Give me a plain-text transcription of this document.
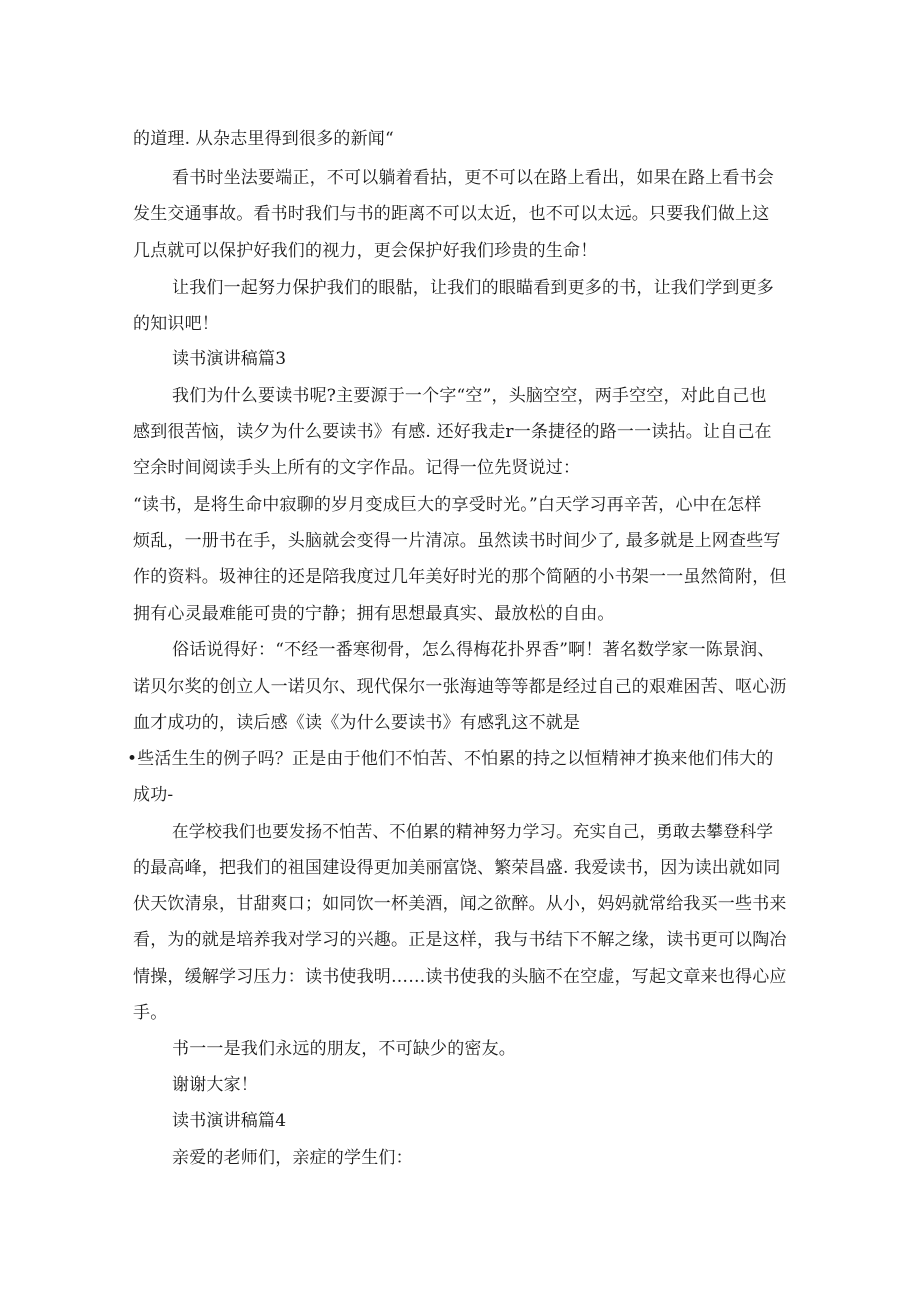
的道理. 从杂志里得到很多的新闻“

看书时坐法要端正，不可以躺着看拈，更不可以在路上看出，如果在路上看书会

发生交通事故。看书时我们与书的距离不可以太近，也不可以太远。只要我们做上这

几点就可以保护好我们的视力，更会保护好我们珍贵的生命！

让我们一起努力保护我们的眼骷，让我们的眼瞄看到更多的书，让我们学到更多

的知识吧！

读书演讲稿篇3

我们为什么要读书呢?主要源于一个字“空”，头脑空空，两手空空，对此自己也

感到很苦恼，读夕为什么要读书》有感. 还好我走r一条捷径的路一一读拈。让自己在

空余时间阅读手头上所有的文字作品。记得一位先贤说过：

“读书，是将生命中寂聊的岁月变成巨大的享受时光。”白天学习再辛苦，心中在怎样

烦乱，一册书在手，头脑就会变得一片清凉。虽然读书时间少了, 最多就是上网查些写

作的资料。圾神往的还是陪我度过几年美好时光的那个简陋的小书架一一虽然简附，但

拥有心灵最难能可贵的宁静；拥有思想最真实、最放松的自由。

俗话说得好：“不经一番寒彻骨，怎么得梅花扑界香”啊！著名数学家一陈景润、

诺贝尔奖的创立人一诺贝尔、现代保尔一张海迪等等都是经过自己的艰难困苦、呕心沥

血才成功的，读后感《读《为什么要读书》有感乳这不就是

•些活生生的例子吗？正是由于他们不怕苦、不怕累的持之以恒精神才换来他们伟大的

成功-

在学校我们也要发扬不怕苦、不伯累的精神努力学习。充实自己，勇敢去攀登科学

的最高峰，把我们的祖国建设得更加美丽富饶、繁荣昌盛. 我爱读书，因为读出就如同

伏天饮清泉，甘甜爽口；如同饮一杯美酒，闻之欲醉。从小，妈妈就常给我买一些书来

看，为的就是培养我对学习的兴趣。正是这样，我与书结下不解之缘，读书更可以陶冶

情操，缓解学习压力：读书使我明……读书使我的头脑不在空虚，写起文章来也得心应

手。

书一一是我们永远的朋友，不可缺少的密友。

谢谢大家！

读书演讲稿篇4

亲爱的老师们，亲症的学生们：
